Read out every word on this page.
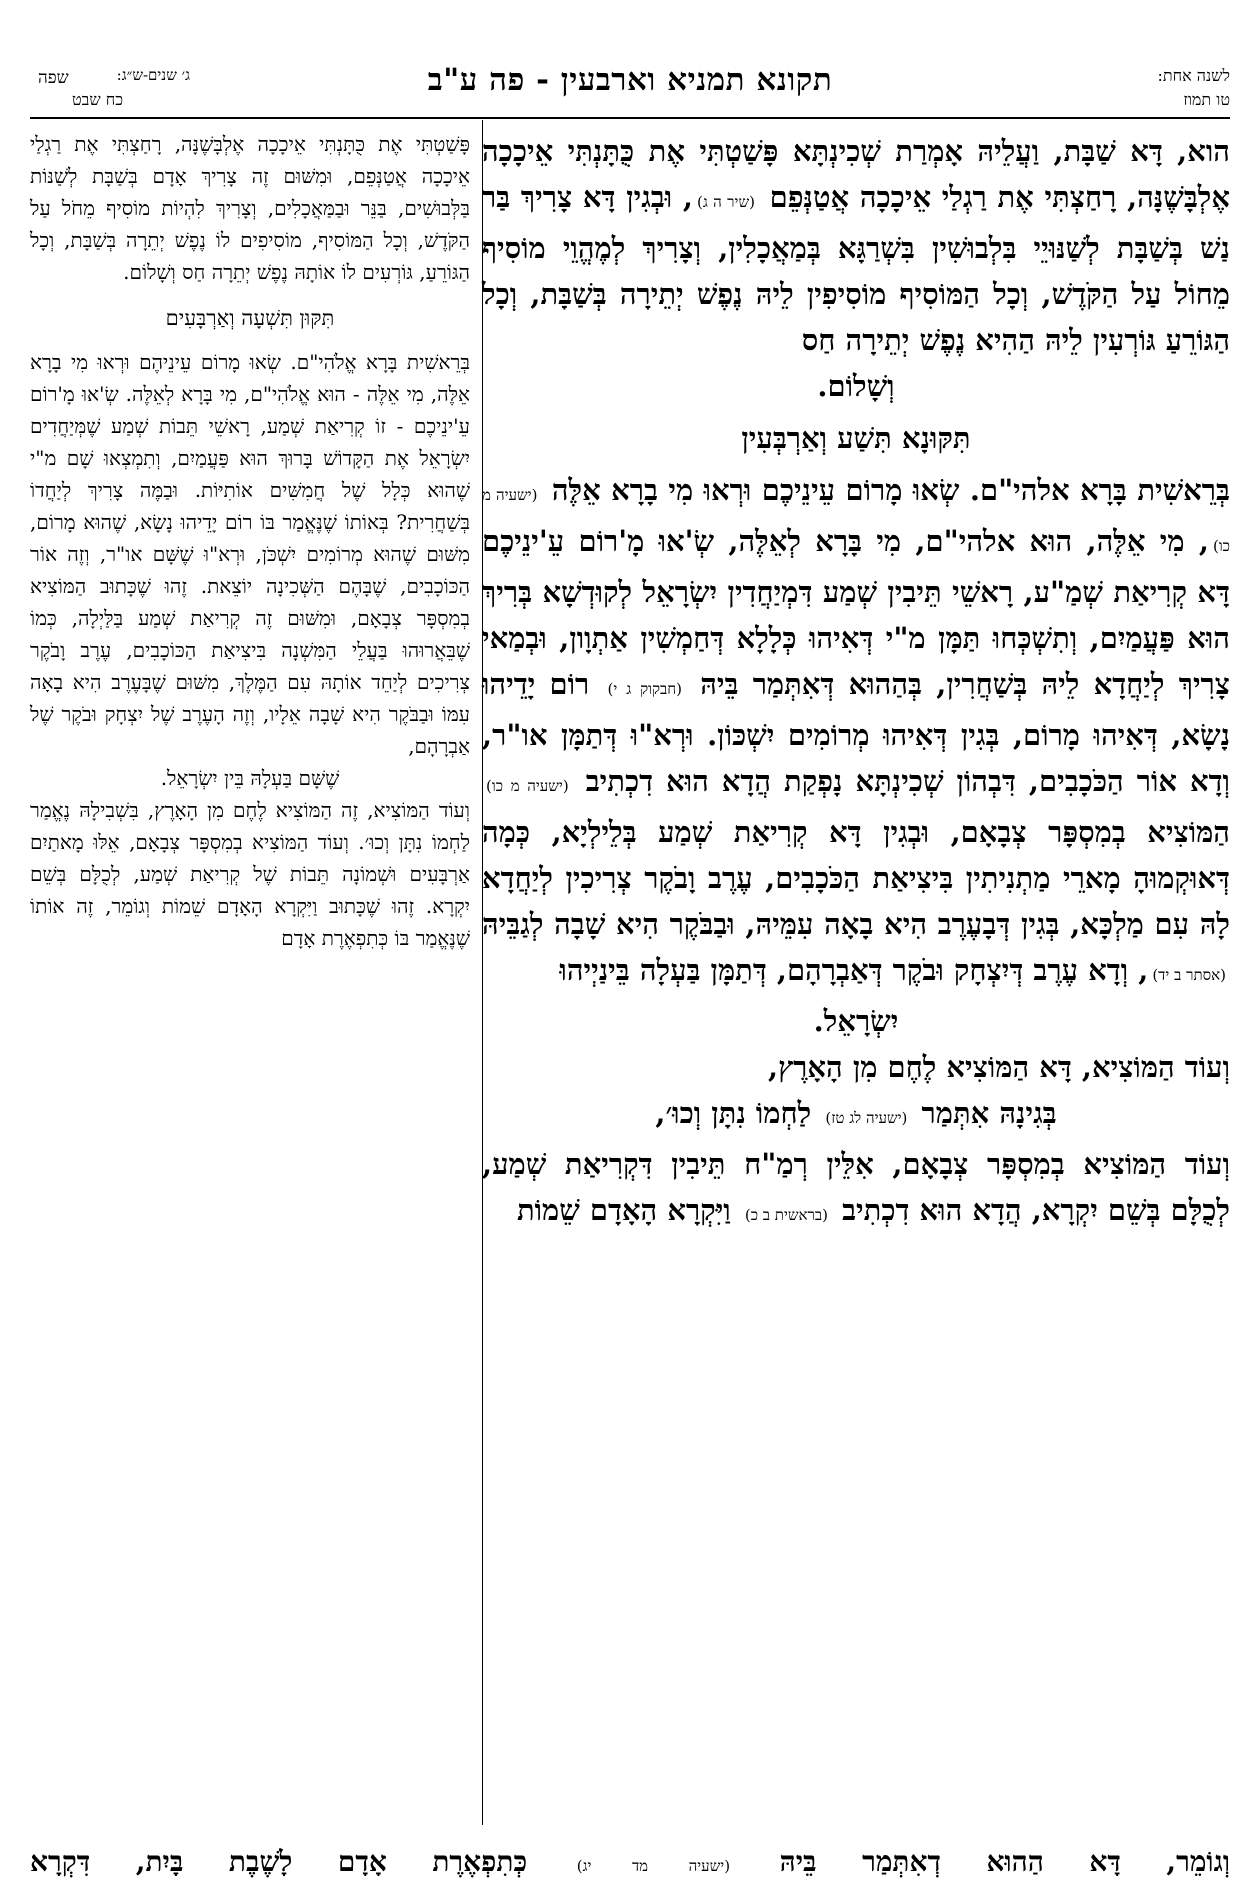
שפה	ג׳ שנים-ש״ג:
כח שבט
תקונא תמניא וארבעין - פה ע"ב	לשנה אחת:
טו תמוז

הוא, דָּא שַׁבָּת, וַעֲלֵיהּ אָמְרַת שְׁכִינְתָּא פָּשַׁטְתִּי אֶת כֻּתָּנְתִּי אֵיכָכָה אֶלְבָּשֶׁנָּה, רָחַצְתִּי אֶת רַגְלַי אֵיכָכָה אֲטַנְּפֵם (שיר ה ג), וּבְגִין דָּא צָרִיךְ בַּר נַשׁ בְּשַׁבָּת לְשַׁנּוּיֵי בִּלְבוּשִׁין בִּשְׁרַגָּא בְּמַאֲכָלִין, וְצָרִיךְ לְמֶהֱוֵי מוֹסִיף מֵחוֹל עַל הַקֹּדֶשׁ, וְכָל הַמּוֹסִיף מוֹסִיפִין לֵיהּ נֶפֶשׁ יְתֵירָה בְּשַׁבָּת, וְכָל הַגּוֹרֵעַ גּוֹרְעִין לֵיהּ הַהִיא נֶפֶשׁ יְתֵירָה חַס

וְשָׁלוֹם.

תִּקּוּנָא תִּשַׁע וְאַרְבְּעִין

בְּרֵאשִׁית בָּרָא אלהי"ם. שְׂאוּ מָרוֹם עֵינֵיכֶם וּרְאוּ מִי בָרָא אֵלֶּה (ישעיה מ כו), מִי אֵלֶּה, הוּא אלהי"ם, מִי בָּרָא לְאֵלֶּה, שְׂ'אוּ מָ'רוֹם עֵ'ינֵיכֶם דָּא קְרִיאַת שְׁמַ"ע, רָאשֵׁי תֵּיבִין שְׁמַע דִּמְיַחֲדִין יִשְׂרָאֵל לְקוּדְשָׁא בְּרִיךְ הוּא פַּעֲמַיִם, וְתִשְׁכְּחוּ תַּמָּן מ"י דְּאִיהוּ כְּלָלָא דְּחַמְשִׁין אַתְוָון, וּבְמַאי צָרִיךְ לְיַחֲדָא לֵיהּ בְּשַׁחֲרִין, בְּהַהוּא דְּאִתְּמַר בֵּיהּ (חבקוק ג י) רוֹם יָדֵיהוּ נָשָׂא, דְּאִיהוּ מָרוֹם, בְּגִין דְּאִיהוּ מְרוֹמִים יִשְׁכּוֹן. וּרְא"וּ דְּתַמָּן או"ר, וְדָא אוֹר הַכֹּכָבִים, דִּבְהוֹן שְׁכִינְתָּא נָפְקַת הֲדָא הוּא דִכְתִיב (ישעיה מ כו) הַמּוֹצִיא בְמִסְפָּר צְבָאָם, וּבְגִין דָּא קְרִיאַת שְׁמַע בְּלֵילְיָא, כְּמָה דְּאוּקְמוּהָ מָארֵי מַתְנִיתִין בִּיצִיאַת הַכֹּכָבִים, עֶרֶב וָבֹקֶר צְרִיכִין לְיַחֲדָא לָהּ עִם מַלְכָּא, בְּגִין דְּבָעֶרֶב הִיא בָאָה עִמֵּיהּ, וּבַבֹּקֶר הִיא שָׁבָה לְגַבֵּיהּ (אסתר ב יד), וְדָא עֶרֶב דְּיִצְחָק וּבֹקֶר דְּאַבְרָהָם, דְּתַמָּן בַּעְלָה בֵּינַיְיהוּ

יִשְׂרָאֵל.

וְעוֹד הַמּוֹצִיא, דָּא הַמּוֹצִיא לֶחֶם מִן הָאָרֶץ,

בְּגִינָהּ אִתְּמַר (ישעיה לג טז) לַחְמוֹ נִתָּן וְכוּ׳,

וְעוֹד הַמּוֹצִיא בְמִסְפָּר צְבָאָם, אִלֵּין רְמַ"ח תֵּיבִין דִּקְרִיאַת שְׁמַע, לְכֻלָּם בְּשֵׁם יִקְרָא, הֲדָא הוּא דִכְתִיב (בראשית ב כ) וַיִּקְרָא הָאָדָם שֵׁמוֹת

פָּשַׁטְתִּי אֶת כֻּתָּנְתִּי אֵיכָכָה אֶלְבָּשֶׁנָּה, רָחַצְתִּי אֶת רַגְלַי אֵיכָכָה אֲטַנְּפֵם, וּמִשּׁוּם זֶה צָרִיךְ אָדָם בְּשַׁבָּת לְשַׁנּוֹת בַּלְּבוּשִׁים, בַּנֵּר וּבַמַּאֲכָלִים, וְצָרִיךְ לִהְיוֹת מוֹסִיף מֵחֹל עַל הַקֹּדֶשׁ, וְכָל הַמּוֹסִיף, מוֹסִיפִים לוֹ נֶפֶשׁ יְתֵרָה בְּשַׁבָּת, וְכָל הַגּוֹרֵעַ, גּוֹרְעִים לוֹ אוֹתָהּ נֶפֶשׁ יְתֵרָה חַס וְשָׁלוֹם.

תִּקּוּן תִּשְׁעָה וְאַרְבָּעִים

בְּרֵאשִׁית בָּרָא אֱלֹהִי"ם. שְׂאוּ מָרוֹם עֵינֵיהֶם וּרְאוּ מִי בָרָא אֵלֶּה, מִי אֵלֶּה - הוּא אֱלֹהִי"ם, מִי בָּרָא לְאֵלֶּה. שְׂ'אוּ מָ'רוֹם עֵ'ינֵיכֶם - זוֹ קְרִיאַת שְׁמַע, רָאשֵׁי תֵּבוֹת שְׁמַע שֶׁמְּיַחֲדִים יִשְׂרָאֵל אֶת הַקָּדוֹשׁ בָּרוּךְ הוּא פַּעֲמַיִם, וְתִמְצְאוּ שָׁם מ"י שֶׁהוּא כְּלָל שֶׁל חֲמִשִּׁים אוֹתִיּוֹת. וּבַמֶּה צָרִיךְ לְיַחֲדוֹ בְּשַׁחֲרִית? בְּאוֹתוֹ שֶׁנֶּאֱמַר בּוֹ רוֹם יָדֵיהוּ נָשָׂא, שֶׁהוּא מָרוֹם, מִשּׁוּם שֶׁהוּא מְרוֹמִים יִשְׁכֹּן, וּרְא"וּ שֶׁשָּׁם או"ר, וְזֶה אוֹר הַכּוֹכָבִים, שֶׁבָּהֶם הַשְּׁכִינָה יוֹצֵאת. זֶהוּ שֶׁכָּתוּב הַמּוֹצִיא בְמִסְפָּר צְבָאָם, וּמִשּׁוּם זֶה קְרִיאַת שְׁמַע בַּלַּיְלָה, כְּמוֹ שֶׁבֵּאֲרוּהוּ בַּעֲלֵי הַמִּשְׁנָה בִּיצִיאַת הַכּוֹכָבִים, עֶרֶב וָבֹקֶר צְרִיכִים לְיַחֵד אוֹתָהּ עִם הַמֶּלֶךְ, מִשּׁוּם שֶׁבָּעֶרֶב הִיא בָאָה עִמּוֹ וּבַבֹּקֶר הִיא שָׁבָה אֵלָיו, וְזֶה הָעֶרֶב שֶׁל יִצְחָק וּבֹקֶר שֶׁל אַבְרָהָם,

שֶׁשָּׁם בַּעְלָהּ בֵּין יִשְׂרָאֵל.

וְעוֹד הַמּוֹצִיא, זֶה הַמּוֹצִיא לֶחֶם מִן הָאָרֶץ, בִּשְׁבִילָהּ נֶאֱמַר לַחְמוֹ נִתָּן וְכוּ׳. וְעוֹד הַמּוֹצִיא בְמִסְפָּר צְבָאָם, אֵלּוּ מָאתַיִם אַרְבָּעִים וּשְׁמוֹנָה תֵּבוֹת שֶׁל קְרִיאַת שְׁמַע, לְכֻלָּם בְּשֵׁם יִקְרָא. זֶהוּ שֶׁכָּתוּב וַיִּקְרָא הָאָדָם שֵׁמוֹת וְגוֹמֵר, זֶה אוֹתוֹ שֶׁנֶּאֱמַר בּוֹ כְּתִפְאֶרֶת אָדָם

וְגוֹמֵר, דָּא הַהוּא דְאִתְּמַר בֵּיהּ (ישעיה מד יג) כְּתִפְאֶרֶת אָדָם לָשֶׁבֶת בָּיִת, דִּקְרָא
